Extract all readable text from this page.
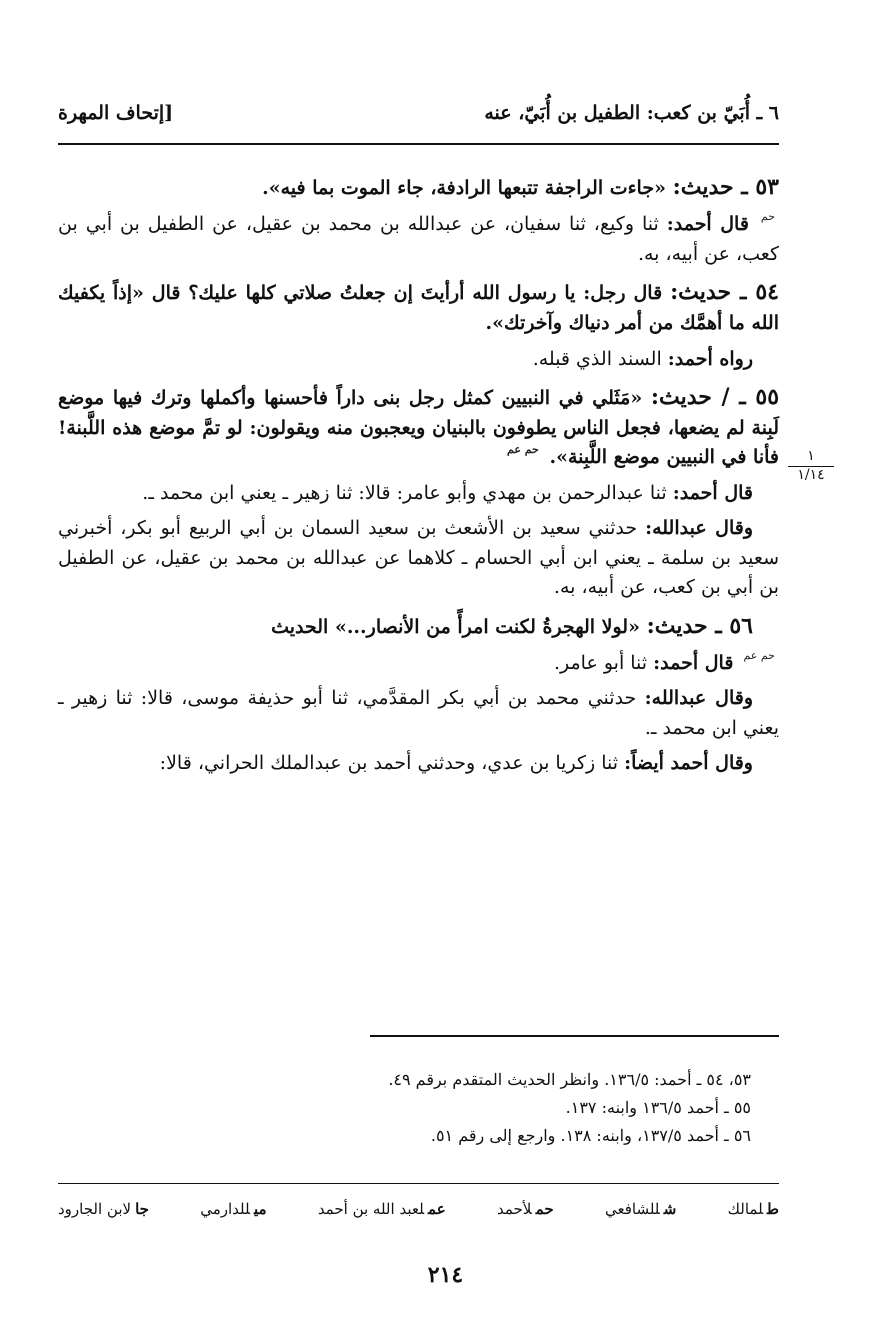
٦ ـ أُبَيّ بن كعب: الطفيل بن أُبَيّ، عنه
[إتحاف المهرة
١
١/١٤

٥٣ ـ حديث: «جاءت الراجفة تتبعها الرادفة، جاء الموت بما فيه».

$^{حم}$ قال أحمد: ثنا وكيع، ثنا سفيان، عن عبدالله بن محمد بن عقيل، عن الطفيل بن أبي بن كعب، عن أبيه، به.

٥٤ ـ حديث: قال رجل: يا رسول الله أرأيتَ إن جعلتُ صلاتي كلها عليك؟ قال «إذاً يكفيك الله ما أهمَّك من أمر دنياك وآخرتك».

رواه أحمد: السند الذي قبله.

٥٥ ـ / حديث: «مَثَلي في النبيين كمثل رجل بنى داراً فأحسنها وأكملها وترك فيها موضع لَبِنة لم يضعها، فجعل الناس يطوفون بالبنيان ويعجبون منه ويقولون: لو تمَّ موضع هذه اللَّبنة! فأنا في النبيين موضع اللَّبِنة». $^{حم عم}$

قال أحمد: ثنا عبدالرحمن بن مهدي وأبو عامر: قالا: ثنا زهير ـ يعني ابن محمد ـ.

وقال عبدالله: حدثني سعيد بن الأشعث بن سعيد السمان بن أبي الربيع أبو بكر، أخبرني سعيد بن سلمة ـ يعني ابن أبي الحسام ـ كلاهما عن عبدالله بن محمد بن عقيل، عن الطفيل بن أبي بن كعب، عن أبيه، به.

٥٦ ـ حديث: «لولا الهجرةُ لكنت امرأً من الأنصار...» الحديث

$^{حم عم}$ قال أحمد: ثنا أبو عامر.

وقال عبدالله: حدثني محمد بن أبي بكر المقدَّمي، ثنا أبو حذيفة موسى، قالا: ثنا زهير ـ يعني ابن محمد ـ.

وقال أحمد أيضاً: ثنا زكريا بن عدي، وحدثني أحمد بن عبدالملك الحراني، قالا:

٥٣، ٥٤ ـ أحمد: ١٣٦/٥. وانظر الحديث المتقدم برقم ٤٩.

٥٥ ـ أحمد ١٣٦/٥ وابنه: ١٣٧.

٥٦ ـ أحمد ١٣٧/٥، وابنه: ١٣٨. وارجع إلى رقم ٥١.

طلمالك
شللشافعي
حملأحمد
عملعبد الله بن أحمد
ميللدارمي
جالابن الجارود
٢١٤
